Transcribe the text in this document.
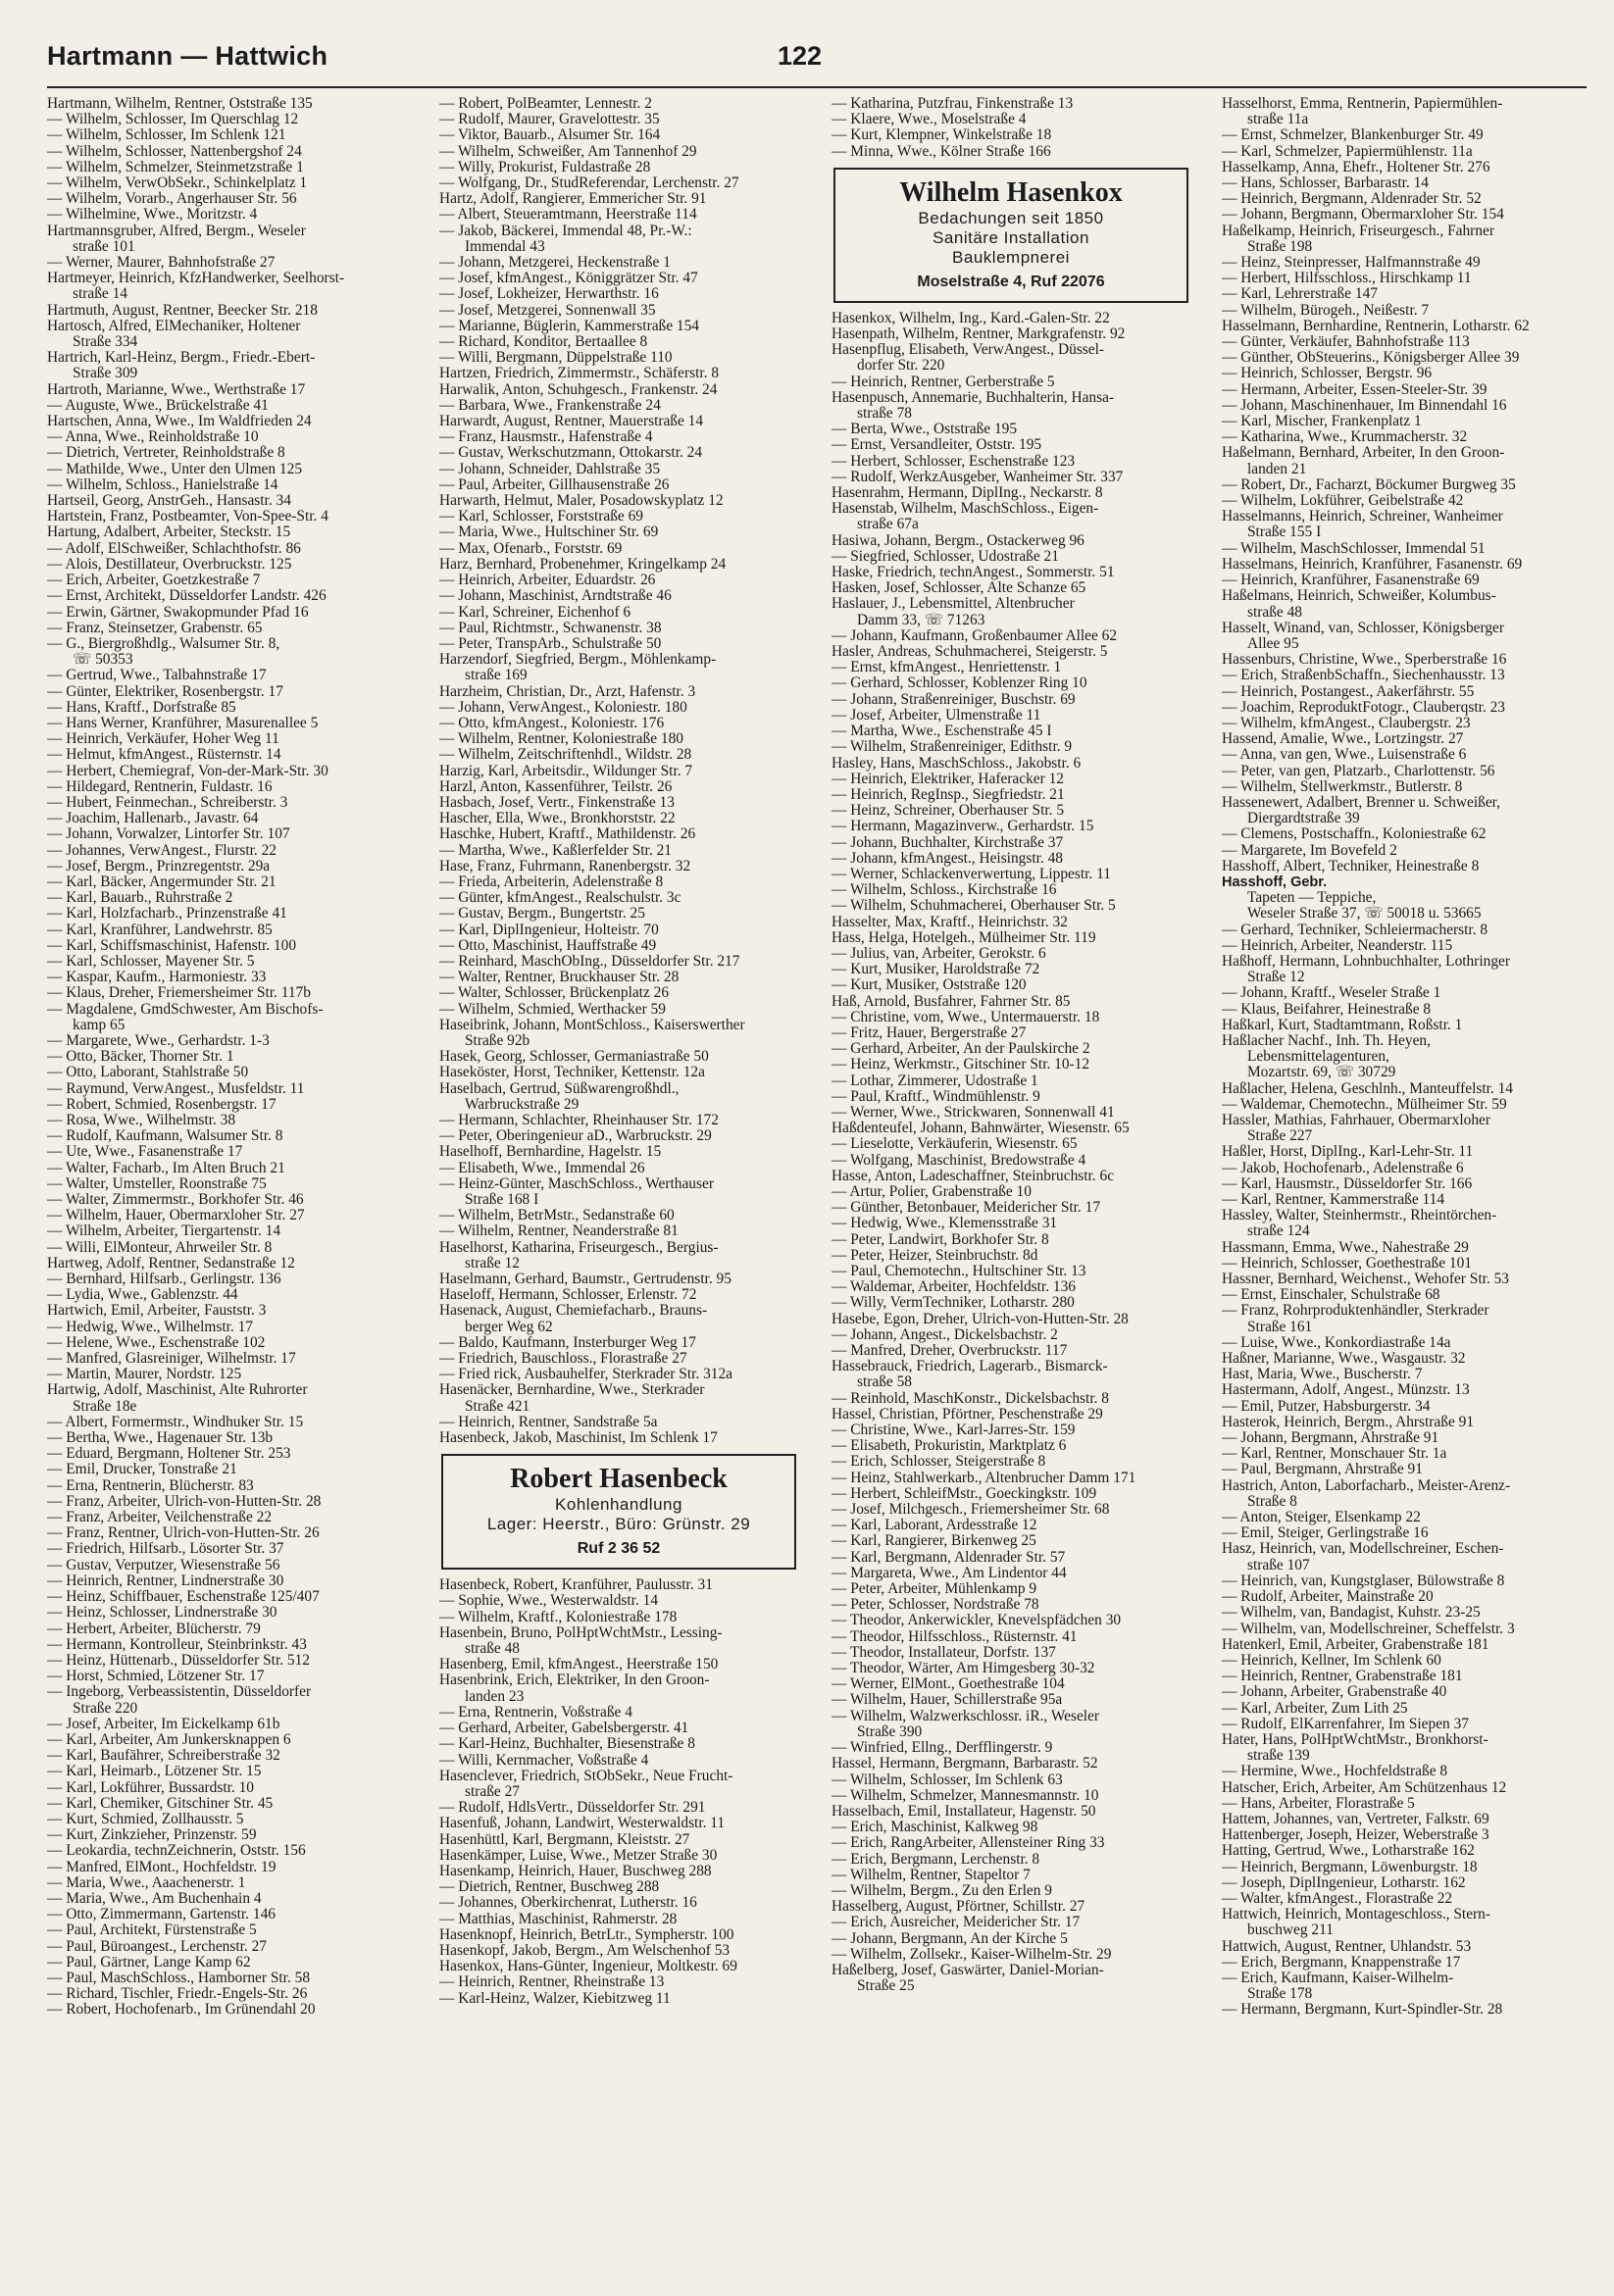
Hartmann — Hattwich	122
Hartmann, Wilhelm, Rentner, Oststraße 135
— Wilhelm, Schlosser, Im Querschlag 12
— Wilhelm, Schlosser, Im Schlenk 121
— Wilhelm, Schlosser, Nattenbergshof 24
— Wilhelm, Schmelzer, Steinmetzstraße 1
— Wilhelm, VerwObSekr., Schinkelplatz 1
— Wilhelm, Vorarb., Angerhauser Str. 56
— Wilhelmine, Wwe., Moritzstr. 4
Hartmannsgruber, Alfred, Bergm., Weseler
straße 101
— Werner, Maurer, Bahnhofstraße 27
Hartmeyer, Heinrich, KfzHandwerker, Seelhorst-
straße 14
Hartmuth, August, Rentner, Beecker Str. 218
Hartosch, Alfred, ElMechaniker, Holtener
Straße 334
Hartrich, Karl-Heinz, Bergm., Friedr.-Ebert-
Straße 309
Hartroth, Marianne, Wwe., Werthstraße 17
— Auguste, Wwe., Brückelstraße 41
Hartschen, Anna, Wwe., Im Waldfrieden 24
— Anna, Wwe., Reinholdstraße 10
— Dietrich, Vertreter, Reinholdstraße 8
— Mathilde, Wwe., Unter den Ulmen 125
— Wilhelm, Schloss., Hanielstraße 14
Hartseil, Georg, AnstrGeh., Hansastr. 34
Hartstein, Franz, Postbeamter, Von-Spee-Str. 4
Hartung, Adalbert, Arbeiter, Steckstr. 15
— Adolf, ElSchweißer, Schlachthofstr. 86
— Alois, Destillateur, Overbruckstr. 125
— Erich, Arbeiter, Goetzkestraße 7
— Ernst, Architekt, Düsseldorfer Landstr. 426
— Erwin, Gärtner, Swakopmunder Pfad 16
— Franz, Steinsetzer, Grabenstr. 65
— G., Biergroßhdlg., Walsumer Str. 8,
☏ 50353
— Gertrud, Wwe., Talbahnstraße 17
— Günter, Elektriker, Rosenbergstr. 17
— Hans, Kraftf., Dorfstraße 85
— Hans Werner, Kranführer, Masurenallee 5
— Heinrich, Verkäufer, Hoher Weg 11
— Helmut, kfmAngest., Rüsternstr. 14
— Herbert, Chemiegraf, Von-der-Mark-Str. 30
— Hildegard, Rentnerin, Fuldastr. 16
— Hubert, Feinmechan., Schreiberstr. 3
— Joachim, Hallenarb., Javastr. 64
— Johann, Vorwalzer, Lintorfer Str. 107
— Johannes, VerwAngest., Flurstr. 22
— Josef, Bergm., Prinzregentstr. 29a
— Karl, Bäcker, Angermunder Str. 21
— Karl, Bauarb., Ruhrstraße 2
— Karl, Holzfacharb., Prinzenstraße 41
— Karl, Kranführer, Landwehrstr. 85
— Karl, Schiffsmaschinist, Hafenstr. 100
— Karl, Schlosser, Mayener Str. 5
— Kaspar, Kaufm., Harmoniestr. 33
— Klaus, Dreher, Friemersheimer Str. 117b
— Magdalene, GmdSchwester, Am Bischofs-
kamp 65
— Margarete, Wwe., Gerhardstr. 1-3
— Otto, Bäcker, Thorner Str. 1
— Otto, Laborant, Stahlstraße 50
— Raymund, VerwAngest., Musfeldstr. 11
— Robert, Schmied, Rosenbergstr. 17
— Rosa, Wwe., Wilhelmstr. 38
— Rudolf, Kaufmann, Walsumer Str. 8
— Ute, Wwe., Fasanenstraße 17
— Walter, Facharb., Im Alten Bruch 21
— Walter, Umsteller, Roonstraße 75
— Walter, Zimmermstr., Borkhofer Str. 46
— Wilhelm, Hauer, Obermarxloher Str. 27
— Wilhelm, Arbeiter, Tiergartenstr. 14
— Willi, ElMonteur, Ahrweiler Str. 8
Hartweg, Adolf, Rentner, Sedanstraße 12
— Bernhard, Hilfsarb., Gerlingstr. 136
— Lydia, Wwe., Gablenzstr. 44
Hartwich, Emil, Arbeiter, Fauststr. 3
— Hedwig, Wwe., Wilhelmstr. 17
— Helene, Wwe., Eschenstraße 102
— Manfred, Glasreiniger, Wilhelmstr. 17
— Martin, Maurer, Nordstr. 125
Hartwig, Adolf, Maschinist, Alte Ruhrorter
Straße 18e
— Albert, Formermstr., Windhuker Str. 15
— Bertha, Wwe., Hagenauer Str. 13b
— Eduard, Bergmann, Holtener Str. 253
— Emil, Drucker, Tonstraße 21
— Erna, Rentnerin, Blücherstr. 83
— Franz, Arbeiter, Ulrich-von-Hutten-Str. 28
— Franz, Arbeiter, Veilchenstraße 22
— Franz, Rentner, Ulrich-von-Hutten-Str. 26
— Friedrich, Hilfsarb., Lösorter Str. 37
— Gustav, Verputzer, Wiesenstraße 56
— Heinrich, Rentner, Lindnerstraße 30
— Heinz, Schiffbauer, Eschenstraße 125/407
— Heinz, Schlosser, Lindnerstraße 30
— Herbert, Arbeiter, Blücherstr. 79
— Hermann, Kontrolleur, Steinbrinkstr. 43
— Heinz, Hüttenarb., Düsseldorfer Str. 512
— Horst, Schmied, Lötzener Str. 17
— Ingeborg, Verbeassistentin, Düsseldorfer
Straße 220
— Josef, Arbeiter, Im Eickelkamp 61b
— Karl, Arbeiter, Am Junkersknappen 6
— Karl, Baufährer, Schreiberstraße 32
— Karl, Heimarb., Lötzener Str. 15
— Karl, Lokführer, Bussardstr. 10
— Karl, Chemiker, Gitschiner Str. 45
— Kurt, Schmied, Zollhausstr. 5
— Kurt, Zinkzieher, Prinzenstr. 59
— Leokardia, technZeichnerin, Oststr. 156
— Manfred, ElMont., Hochfeldstr. 19
— Maria, Wwe., Aaachenerstr. 1
— Maria, Wwe., Am Buchenhain 4
— Otto, Zimmermann, Gartenstr. 146
— Paul, Architekt, Fürstenstraße 5
— Paul, Büroangest., Lerchenstr. 27
— Paul, Gärtner, Lange Kamp 62
— Paul, MaschSchloss., Hamborner Str. 58
— Richard, Tischler, Friedr.-Engels-Str. 26
— Robert, Hochofenarb., Im Grünendahl 20
— Robert, PolBeamter, Lennestr. 2
— Rudolf, Maurer, Gravelottestr. 35
— Viktor, Bauarb., Alsumer Str. 164
— Wilhelm, Schweißer, Am Tannenhof 29
— Willy, Prokurist, Fuldastraße 28
— Wolfgang, Dr., StudReferendar, Lerchenstr. 27
Hartz, Adolf, Rangierer, Emmericher Str. 91
— Albert, Steueramtmann, Heerstraße 114
— Jakob, Bäckerei, Immendal 48, Pr.-W.:
Immendal 43
— Johann, Metzgerei, Heckenstraße 1
— Josef, kfmAngest., Königgrätzer Str. 47
— Josef, Lokheizer, Herwarthstr. 16
— Josef, Metzgerei, Sonnenwall 35
— Marianne, Büglerin, Kammerstraße 154
— Richard, Konditor, Bertaallee 8
— Willi, Bergmann, Düppelstraße 110
Hartzen, Friedrich, Zimmermstr., Schäferstr. 8
Harwalik, Anton, Schuhgesch., Frankenstr. 24
— Barbara, Wwe., Frankenstraße 24
Harwardt, August, Rentner, Mauerstraße 14
— Franz, Hausmstr., Hafenstraße 4
— Gustav, Werkschutzmann, Ottokarstr. 24
— Johann, Schneider, Dahlstraße 35
— Paul, Arbeiter, Gillhausenstraße 26
Harwarth, Helmut, Maler, Posadowskyplatz 12
— Karl, Schlosser, Forststraße 69
— Maria, Wwe., Hultschiner Str. 69
— Max, Ofenarb., Forststr. 69
Harz, Bernhard, Probenehmer, Kringelkamp 24
— Heinrich, Arbeiter, Eduardstr. 26
— Johann, Maschinist, Arndtstraße 46
— Karl, Schreiner, Eichenhof 6
— Paul, Richtmstr., Schwanenstr. 38
— Peter, TranspArb., Schulstraße 50
Harzendorf, Siegfried, Bergm., Möhlenkamp-
straße 169
Harzheim, Christian, Dr., Arzt, Hafenstr. 3
— Johann, VerwAngest., Koloniestr. 180
— Otto, kfmAngest., Koloniestr. 176
— Wilhelm, Rentner, Koloniestraße 180
— Wilhelm, Zeitschriftenhdl., Wildstr. 28
Harzig, Karl, Arbeitsdir., Wildunger Str. 7
Harzl, Anton, Kassenführer, Teilstr. 26
Hasbach, Josef, Vertr., Finkenstraße 13
Hascher, Ella, Wwe., Bronkhorststr. 22
Haschke, Hubert, Kraftf., Mathildenstr. 26
— Martha, Wwe., Kaßlerfelder Str. 21
Hase, Franz, Fuhrmann, Ranenbergstr. 32
— Frieda, Arbeiterin, Adelenstraße 8
— Günter, kfmAngest., Realschulstr. 3c
— Gustav, Bergm., Bungertstr. 25
— Karl, DiplIngenieur, Holteistr. 70
— Otto, Maschinist, Hauffstraße 49
— Reinhard, MaschObIng., Düsseldorfer Str. 217
— Walter, Rentner, Bruckhauser Str. 28
— Walter, Schlosser, Brückenplatz 26
— Wilhelm, Schmied, Werthacker 59
Haseibrink, Johann, MontSchloss., Kaiserswerther
Straße 92b
Hasek, Georg, Schlosser, Germaniastraße 50
Haseköster, Horst, Techniker, Kettenstr. 12a
Haselbach, Gertrud, Süßwarengroßhdl.,
Warbruckstraße 29
— Hermann, Schlachter, Rheinhauser Str. 172
— Peter, Oberingenieur aD., Warbruckstr. 29
Haselhoff, Bernhardine, Hagelstr. 15
— Elisabeth, Wwe., Immendal 26
— Heinz-Günter, MaschSchloss., Werthauser
Straße 168 I
— Wilhelm, BetrMstr., Sedanstraße 60
— Wilhelm, Rentner, Neanderstraße 81
Haselhorst, Katharina, Friseurgesch., Bergius-
straße 12
Haselmann, Gerhard, Baumstr., Gertrudenstr. 95
Haseloff, Hermann, Schlosser, Erlenstr. 72
Hasenack, August, Chemiefacharb., Brauns-
berger Weg 62
— Baldo, Kaufmann, Insterburger Weg 17
— Friedrich, Bauschloss., Florastraße 27
— Fried rick, Ausbauhelfer, Sterkrader Str. 312a
Hasenäcker, Bernhardine, Wwe., Sterkrader
Straße 421
— Heinrich, Rentner, Sandstraße 5a
Hasenbeck, Jakob, Maschinist, Im Schlenk 17
Robert Hasenbeck
Kohlenhandlung
Lager: Heerstr., Büro: Grünstr. 29
Ruf 2 36 52
Hasenbeck, Robert, Kranführer, Paulusstr. 31
— Sophie, Wwe., Westerwaldstr. 14
— Wilhelm, Kraftf., Koloniestraße 178
Hasenbein, Bruno, PolHptWchtMstr., Lessing-
straße 48
Hasenberg, Emil, kfmAngest., Heerstraße 150
Hasenbrink, Erich, Elektriker, In den Groon-
landen 23
— Erna, Rentnerin, Voßstraße 4
— Gerhard, Arbeiter, Gabelsbergerstr. 41
— Karl-Heinz, Buchhalter, Biesenstraße 8
— Willi, Kernmacher, Voßstraße 4
Hasenclever, Friedrich, StObSekr., Neue Frucht-
straße 27
— Rudolf, HdlsVertr., Düsseldorfer Str. 291
Hasenfuß, Johann, Landwirt, Westerwaldstr. 11
Hasenhüttl, Karl, Bergmann, Kleiststr. 27
Hasenkämper, Luise, Wwe., Metzer Straße 30
Hasenkamp, Heinrich, Hauer, Buschweg 288
— Dietrich, Rentner, Buschweg 288
— Johannes, Oberkirchenrat, Lutherstr. 16
— Matthias, Maschinist, Rahmerstr. 28
Hasenknopf, Heinrich, BetrLtr., Sympherstr. 100
Hasenkopf, Jakob, Bergm., Am Welschenhof 53
Hasenkox, Hans-Günter, Ingenieur, Moltkestr. 69
— Heinrich, Rentner, Rheinstraße 13
— Karl-Heinz, Walzer, Kiebitzweg 11
— Katharina, Putzfrau, Finkenstraße 13
— Klaere, Wwe., Moselstraße 4
— Kurt, Klempner, Winkelstraße 18
— Minna, Wwe., Kölner Straße 166
Wilhelm Hasenkox
Bedachungen seit 1850
Sanitäre Installation
Bauklempnerei
Moselstraße 4, Ruf 22076
Hasenkox, Wilhelm, Ing., Kard.-Galen-Str. 22
Hasenpath, Wilhelm, Rentner, Markgrafenstr. 92
Hasenpflug, Elisabeth, VerwAngest., Düssel-
dorfer Str. 220
— Heinrich, Rentner, Gerberstraße 5
Hasenpusch, Annemarie, Buchhalterin, Hansa-
straße 78
— Berta, Wwe., Oststraße 195
— Ernst, Versandleiter, Oststr. 195
— Herbert, Schlosser, Eschenstraße 123
— Rudolf, WerkzAusgeber, Wanheimer Str. 337
Hasenrahm, Hermann, DiplIng., Neckarstr. 8
Hasenstab, Wilhelm, MaschSchloss., Eigen-
straße 67a
Hasiwa, Johann, Bergm., Ostackerweg 96
— Siegfried, Schlosser, Udostraße 21
Haske, Friedrich, technAngest., Sommerstr. 51
Hasken, Josef, Schlosser, Alte Schanze 65
Haslauer, J., Lebensmittel, Altenbrucher
Damm 33, ☏ 71263
— Johann, Kaufmann, Großenbaumer Allee 62
Hasler, Andreas, Schuhmacherei, Steigerstr. 5
— Ernst, kfmAngest., Henriettenstr. 1
— Gerhard, Schlosser, Koblenzer Ring 10
— Johann, Straßenreiniger, Buschstr. 69
— Josef, Arbeiter, Ulmenstraße 11
— Martha, Wwe., Eschenstraße 45 I
— Wilhelm, Straßenreiniger, Edithstr. 9
Hasley, Hans, MaschSchloss., Jakobstr. 6
— Heinrich, Elektriker, Haferacker 12
— Heinrich, RegInsp., Siegfriedstr. 21
— Heinz, Schreiner, Oberhauser Str. 5
— Hermann, Magazinverw., Gerhardstr. 15
— Johann, Buchhalter, Kirchstraße 37
— Johann, kfmAngest., Heisingstr. 48
— Werner, Schlackenverwertung, Lippestr. 11
— Wilhelm, Schloss., Kirchstraße 16
— Wilhelm, Schuhmacherei, Oberhauser Str. 5
Hasselter, Max, Kraftf., Heinrichstr. 32
Hass, Helga, Hotelgeh., Mülheimer Str. 119
— Julius, van, Arbeiter, Gerokstr. 6
— Kurt, Musiker, Haroldstraße 72
— Kurt, Musiker, Oststraße 120
Haß, Arnold, Busfahrer, Fahrner Str. 85
— Christine, vom, Wwe., Untermauerstr. 18
— Fritz, Hauer, Bergerstraße 27
— Gerhard, Arbeiter, An der Paulskirche 2
— Heinz, Werkmstr., Gitschiner Str. 10-12
— Lothar, Zimmerer, Udostraße 1
— Paul, Kraftf., Windmühlenstr. 9
— Werner, Wwe., Strickwaren, Sonnenwall 41
Haßdenteufel, Johann, Bahnwärter, Wiesenstr. 65
— Lieselotte, Verkäuferin, Wiesenstr. 65
— Wolfgang, Maschinist, Bredowstraße 4
Hasse, Anton, Ladeschaffner, Steinbruchstr. 6c
— Artur, Polier, Grabenstraße 10
— Günther, Betonbauer, Meidericher Str. 17
— Hedwig, Wwe., Klemensstraße 31
— Peter, Landwirt, Borkhofer Str. 8
— Peter, Heizer, Steinbruchstr. 8d
— Paul, Chemotechn., Hultschiner Str. 13
— Waldemar, Arbeiter, Hochfeldstr. 136
— Willy, VermTechniker, Lotharstr. 280
Hasebe, Egon, Dreher, Ulrich-von-Hutten-Str. 28
— Johann, Angest., Dickelsbachstr. 2
— Manfred, Dreher, Overbruckstr. 117
Hassebrauck, Friedrich, Lagerarb., Bismarck-
straße 58
— Reinhold, MaschKonstr., Dickelsbachstr. 8
Hassel, Christian, Pförtner, Peschenstraße 29
— Christine, Wwe., Karl-Jarres-Str. 159
— Elisabeth, Prokuristin, Marktplatz 6
— Erich, Schlosser, Steigerstraße 8
— Heinz, Stahlwerkarb., Altenbrucher Damm 171
— Herbert, SchleifMstr., Goeckingkstr. 109
— Josef, Milchgesch., Friemersheimer Str. 68
— Karl, Laborant, Ardesstraße 12
— Karl, Rangierer, Birkenweg 25
— Karl, Bergmann, Aldenrader Str. 57
— Margareta, Wwe., Am Lindentor 44
— Peter, Arbeiter, Mühlenkamp 9
— Peter, Schlosser, Nordstraße 78
— Theodor, Ankerwickler, Knevelspfädchen 30
— Theodor, Hilfsschloss., Rüsternstr. 41
— Theodor, Installateur, Dorfstr. 137
— Theodor, Wärter, Am Himgesberg 30-32
— Werner, ElMont., Goethestraße 104
— Wilhelm, Hauer, Schillerstraße 95a
— Wilhelm, Walzwerkschlossr. iR., Weseler
Straße 390
— Winfried, Ellng., Derfflingerstr. 9
Hassel, Hermann, Bergmann, Barbarastr. 52
— Wilhelm, Schlosser, Im Schlenk 63
— Wilhelm, Schmelzer, Mannesmannstr. 10
Hasselbach, Emil, Installateur, Hagenstr. 50
— Erich, Maschinist, Kalkweg 98
— Erich, RangArbeiter, Allensteiner Ring 33
— Erich, Bergmann, Lerchenstr. 8
— Wilhelm, Rentner, Stapeltor 7
— Wilhelm, Bergm., Zu den Erlen 9
Hasselberg, August, Pförtner, Schillstr. 27
— Erich, Ausreicher, Meidericher Str. 17
— Johann, Bergmann, An der Kirche 5
— Wilhelm, Zollsekr., Kaiser-Wilhelm-Str. 29
Haßelberg, Josef, Gaswärter, Daniel-Morian-
Straße 25
Hasselhorst, Emma, Rentnerin, Papiermühlen-
straße 11a
— Ernst, Schmelzer, Blankenburger Str. 49
— Karl, Schmelzer, Papiermühlenstr. 11a
Hasselkamp, Anna, Ehefr., Holtener Str. 276
— Hans, Schlosser, Barbarastr. 14
— Heinrich, Bergmann, Aldenrader Str. 52
— Johann, Bergmann, Obermarxloher Str. 154
Haßelkamp, Heinrich, Friseurgesch., Fahrner
Straße 198
— Heinz, Steinpresser, Halfmannstraße 49
— Herbert, Hilfsschloss., Hirschkamp 11
— Karl, Lehrerstraße 147
— Wilhelm, Bürogeh., Neißestr. 7
Hasselmann, Bernhardine, Rentnerin, Lotharstr. 62
— Günter, Verkäufer, Bahnhofstraße 113
— Günther, ObSteuerins., Königsberger Allee 39
— Heinrich, Schlosser, Bergstr. 96
— Hermann, Arbeiter, Essen-Steeler-Str. 39
— Johann, Maschinenhauer, Im Binnendahl 16
— Karl, Mischer, Frankenplatz 1
— Katharina, Wwe., Krummacherstr. 32
Haßelmann, Bernhard, Arbeiter, In den Groon-
landen 21
— Robert, Dr., Facharzt, Böckumer Burgweg 35
— Wilhelm, Lokführer, Geibelstraße 42
Hasselmanns, Heinrich, Schreiner, Wanheimer
Straße 155 I
— Wilhelm, MaschSchlosser, Immendal 51
Hasselmans, Heinrich, Kranführer, Fasanenstr. 69
— Heinrich, Kranführer, Fasanenstraße 69
Haßelmans, Heinrich, Schweißer, Kolumbus-
straße 48
Hasselt, Winand, van, Schlosser, Königsberger
Allee 95
Hassenburs, Christine, Wwe., Sperberstraße 16
— Erich, StraßenbSchaffn., Siechenhausstr. 13
— Heinrich, Postangest., Aakerfährstr. 55
— Joachim, ReproduktFotogr., Clauberqstr. 23
— Wilhelm, kfmAngest., Claubergstr. 23
Hassend, Amalie, Wwe., Lortzingstr. 27
— Anna, van gen, Wwe., Luisenstraße 6
— Peter, van gen, Platzarb., Charlottenstr. 56
— Wilhelm, Stellwerkmstr., Butlerstr. 8
Hassenewert, Adalbert, Brenner u. Schweißer,
Diergardtstraße 39
— Clemens, Postschaffn., Koloniestraße 62
— Margarete, Im Bovefeld 2
Hasshoff, Albert, Techniker, Heinestraße 8
Hasshoff, Gebr.
Tapeten — Teppiche,
Weseler Straße 37, ☏ 50018 u. 53665
— Gerhard, Techniker, Schleiermacherstr. 8
— Heinrich, Arbeiter, Neanderstr. 115
Haßhoff, Hermann, Lohnbuchhalter, Lothringer
Straße 12
— Johann, Kraftf., Weseler Straße 1
— Klaus, Beifahrer, Heinestraße 8
Haßkarl, Kurt, Stadtamtmann, Roßstr. 1
Haßlacher Nachf., Inh. Th. Heyen,
Lebensmittelagenturen,
Mozartstr. 69, ☏ 30729
Haßlacher, Helena, Geschlnh., Manteuffelstr. 14
— Waldemar, Chemotechn., Mülheimer Str. 59
Hassler, Mathias, Fahrhauer, Obermarxloher
Straße 227
Haßler, Horst, DiplIng., Karl-Lehr-Str. 11
— Jakob, Hochofenarb., Adelenstraße 6
— Karl, Hausmstr., Düsseldorfer Str. 166
— Karl, Rentner, Kammerstraße 114
Hassley, Walter, Steinhermstr., Rheintörchen-
straße 124
Hassmann, Emma, Wwe., Nahestraße 29
— Heinrich, Schlosser, Goethestraße 101
Hassner, Bernhard, Weichenst., Wehofer Str. 53
— Ernst, Einschaler, Schulstraße 68
— Franz, Rohrproduktenhändler, Sterkrader
Straße 161
— Luise, Wwe., Konkordiastraße 14a
Haßner, Marianne, Wwe., Wasgaustr. 32
Hast, Maria, Wwe., Buscherstr. 7
Hastermann, Adolf, Angest., Münzstr. 13
— Emil, Putzer, Habsburgerstr. 34
Hasterok, Heinrich, Bergm., Ahrstraße 91
— Johann, Bergmann, Ahrstraße 91
— Karl, Rentner, Monschauer Str. 1a
— Paul, Bergmann, Ahrstraße 91
Hastrich, Anton, Laborfacharb., Meister-Arenz-
Straße 8
— Anton, Steiger, Elsenkamp 22
— Emil, Steiger, Gerlingstraße 16
Hasz, Heinrich, van, Modellschreiner, Eschen-
straße 107
— Heinrich, van, Kungstglaser, Bülowstraße 8
— Rudolf, Arbeiter, Mainstraße 20
— Wilhelm, van, Bandagist, Kuhstr. 23-25
— Wilhelm, van, Modellschreiner, Scheffelstr. 3
Hatenkerl, Emil, Arbeiter, Grabenstraße 181
— Heinrich, Kellner, Im Schlenk 60
— Heinrich, Rentner, Grabenstraße 181
— Johann, Arbeiter, Grabenstraße 40
— Karl, Arbeiter, Zum Lith 25
— Rudolf, ElKarrenfahrer, Im Siepen 37
Hater, Hans, PolHptWchtMstr., Bronkhorst-
straße 139
— Hermine, Wwe., Hochfeldstraße 8
Hatscher, Erich, Arbeiter, Am Schützenhaus 12
— Hans, Arbeiter, Florastraße 5
Hattem, Johannes, van, Vertreter, Falkstr. 69
Hattenberger, Joseph, Heizer, Weberstraße 3
Hatting, Gertrud, Wwe., Lotharstraße 162
— Heinrich, Bergmann, Löwenburgstr. 18
— Joseph, DiplIngenieur, Lotharstr. 162
— Walter, kfmAngest., Florastraße 22
Hattwich, Heinrich, Montageschloss., Stern-
buschweg 211
Hattwich, August, Rentner, Uhlandstr. 53
— Erich, Bergmann, Knappenstraße 17
— Erich, Kaufmann, Kaiser-Wilhelm-
Straße 178
— Hermann, Bergmann, Kurt-Spindler-Str. 28
